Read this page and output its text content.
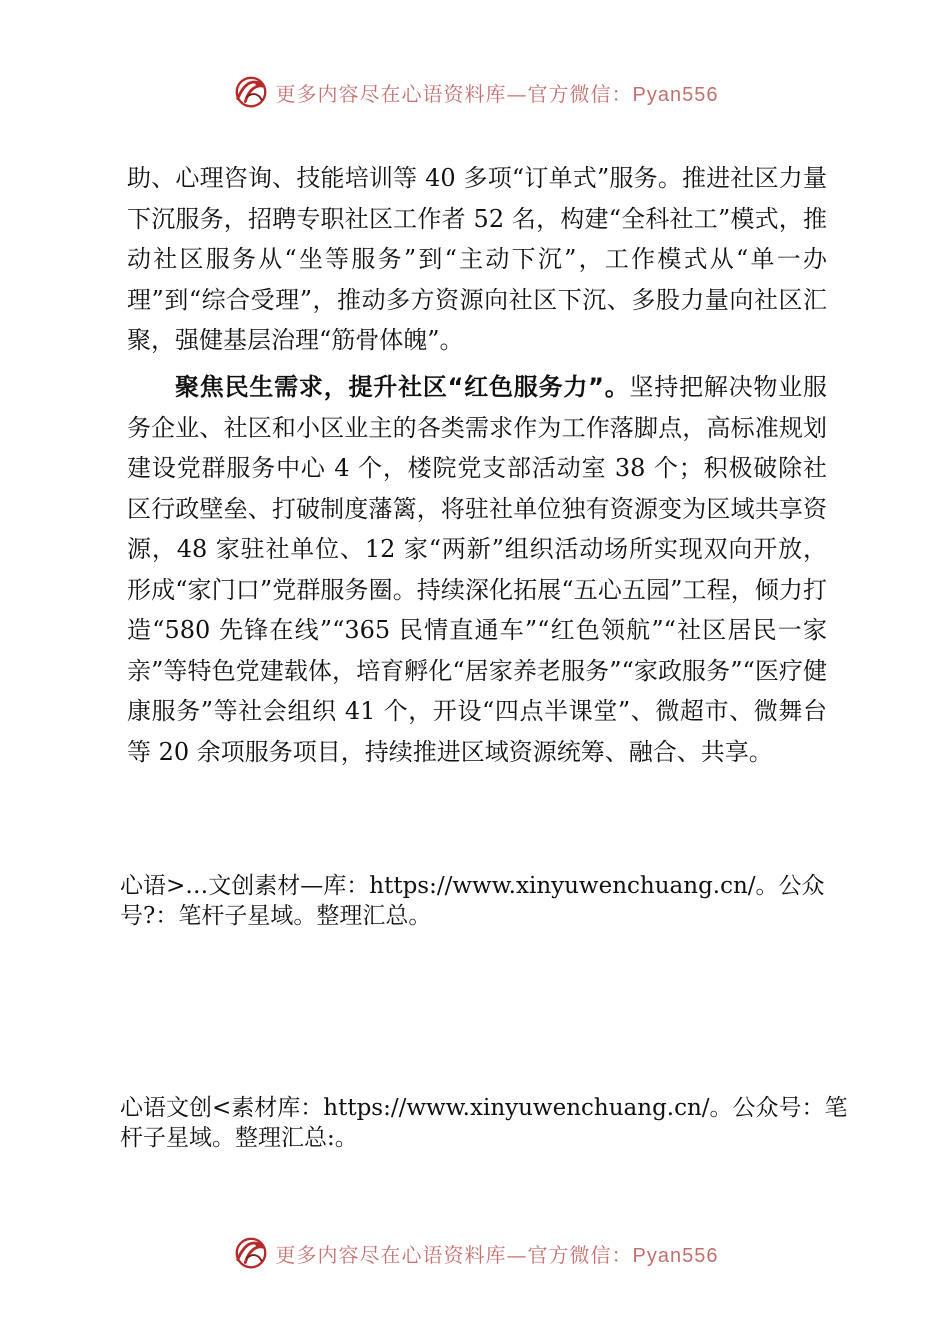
更多内容尽在心语资料库—官方微信：Pyan556

助、心理咨询、技能培训等 40 多项“订单式”服务。推进社区力量下沉服务，招聘专职社区工作者 52 名，构建“全科社工”模式，推动社区服务从“坐等服务”到“主动下沉”，工作模式从“单一办理”到“综合受理”，推动多方资源向社区下沉、多股力量向社区汇聚，强健基层治理“筋骨体魄”。

聚焦民生需求，提升社区“红色服务力”。坚持把解决物业服务企业、社区和小区业主的各类需求作为工作落脚点，高标准规划建设党群服务中心 4 个，楼院党支部活动室 38 个；积极破除社区行政壁垒、打破制度藩篱，将驻社单位独有资源变为区域共享资源，48 家驻社单位、12 家“两新”组织活动场所实现双向开放，形成“家门口”党群服务圈。持续深化拓展“五心五园”工程，倾力打造“580 先锋在线”“365 民情直通车”“红色领航”“社区居民一家亲”等特色党建载体，培育孵化“居家养老服务”“家政服务”“医疗健康服务”等社会组织 41 个，开设“四点半课堂”、微超市、微舞台等 20 余项服务项目，持续推进区域资源统筹、融合、共享。

心语>…文创素材—库：https://www.xinyuwenchuang.cn/。公众号?：笔杆子星域。整理汇总。

心语文创<素材库：https://www.xinyuwenchuang.cn/。公众号：笔杆子星域。整理汇总:。

更多内容尽在心语资料库—官方微信：Pyan556
